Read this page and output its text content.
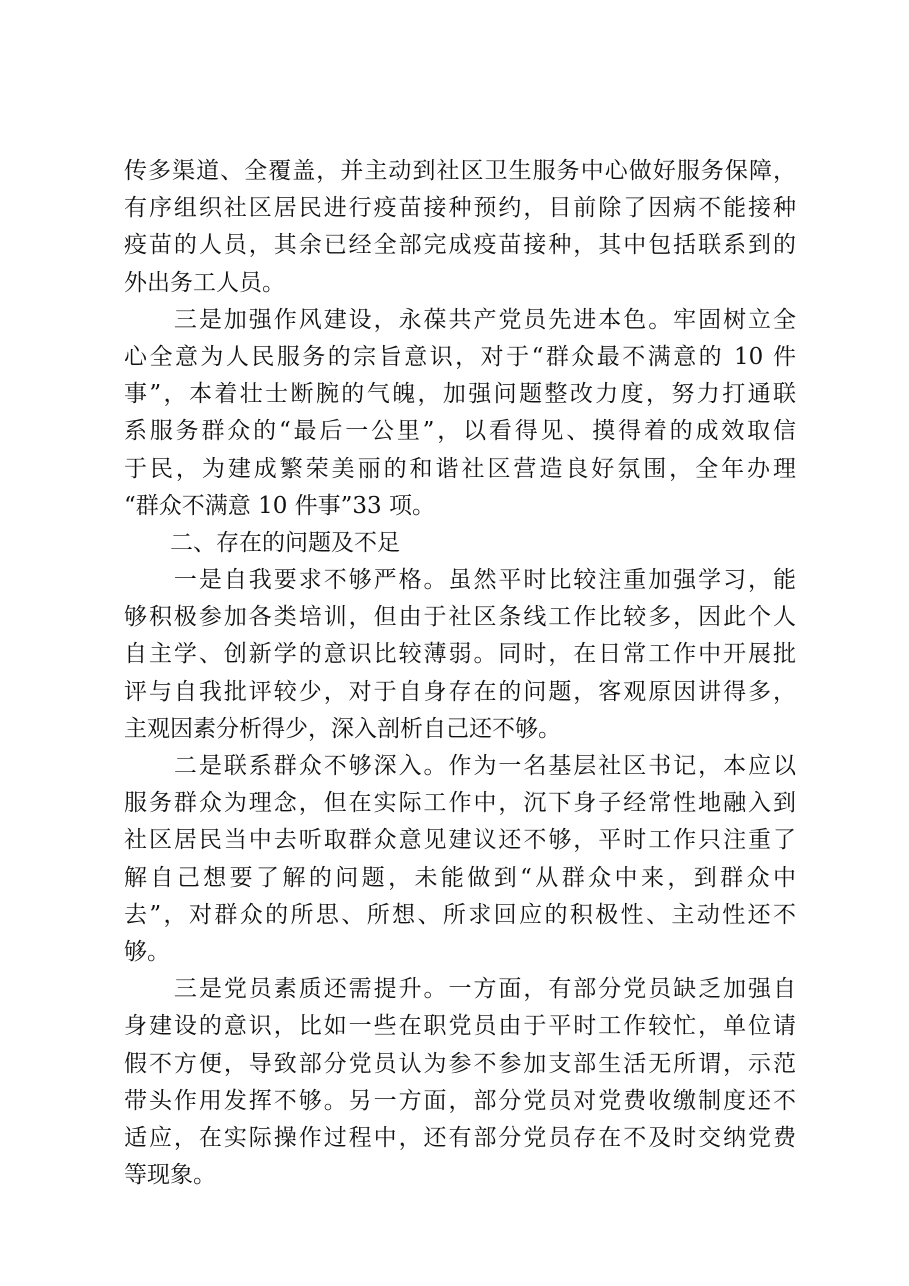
传多渠道、全覆盖，并主动到社区卫生服务中心做好服务保障，
有序组织社区居民进行疫苗接种预约，目前除了因病不能接种
疫苗的人员，其余已经全部完成疫苗接种，其中包括联系到的
外出务工人员。
　　三是加强作风建设，永葆共产党员先进本色。牢固树立全
心全意为人民服务的宗旨意识，对于“群众最不满意的 10 件
事”，本着壮士断腕的气魄，加强问题整改力度，努力打通联
系服务群众的“最后一公里”，以看得见、摸得着的成效取信
于民，为建成繁荣美丽的和谐社区营造良好氛围，全年办理
“群众不满意 10 件事”33 项。
　　二、存在的问题及不足
　　一是自我要求不够严格。虽然平时比较注重加强学习，能
够积极参加各类培训，但由于社区条线工作比较多，因此个人
自主学、创新学的意识比较薄弱。同时，在日常工作中开展批
评与自我批评较少，对于自身存在的问题，客观原因讲得多，
主观因素分析得少，深入剖析自己还不够。
　　二是联系群众不够深入。作为一名基层社区书记，本应以
服务群众为理念，但在实际工作中，沉下身子经常性地融入到
社区居民当中去听取群众意见建议还不够，平时工作只注重了
解自己想要了解的问题，未能做到“从群众中来，到群众中
去”，对群众的所思、所想、所求回应的积极性、主动性还不
够。
　　三是党员素质还需提升。一方面，有部分党员缺乏加强自
身建设的意识，比如一些在职党员由于平时工作较忙，单位请
假不方便，导致部分党员认为参不参加支部生活无所谓，示范
带头作用发挥不够。另一方面，部分党员对党费收缴制度还不
适应，在实际操作过程中，还有部分党员存在不及时交纳党费
等现象。
